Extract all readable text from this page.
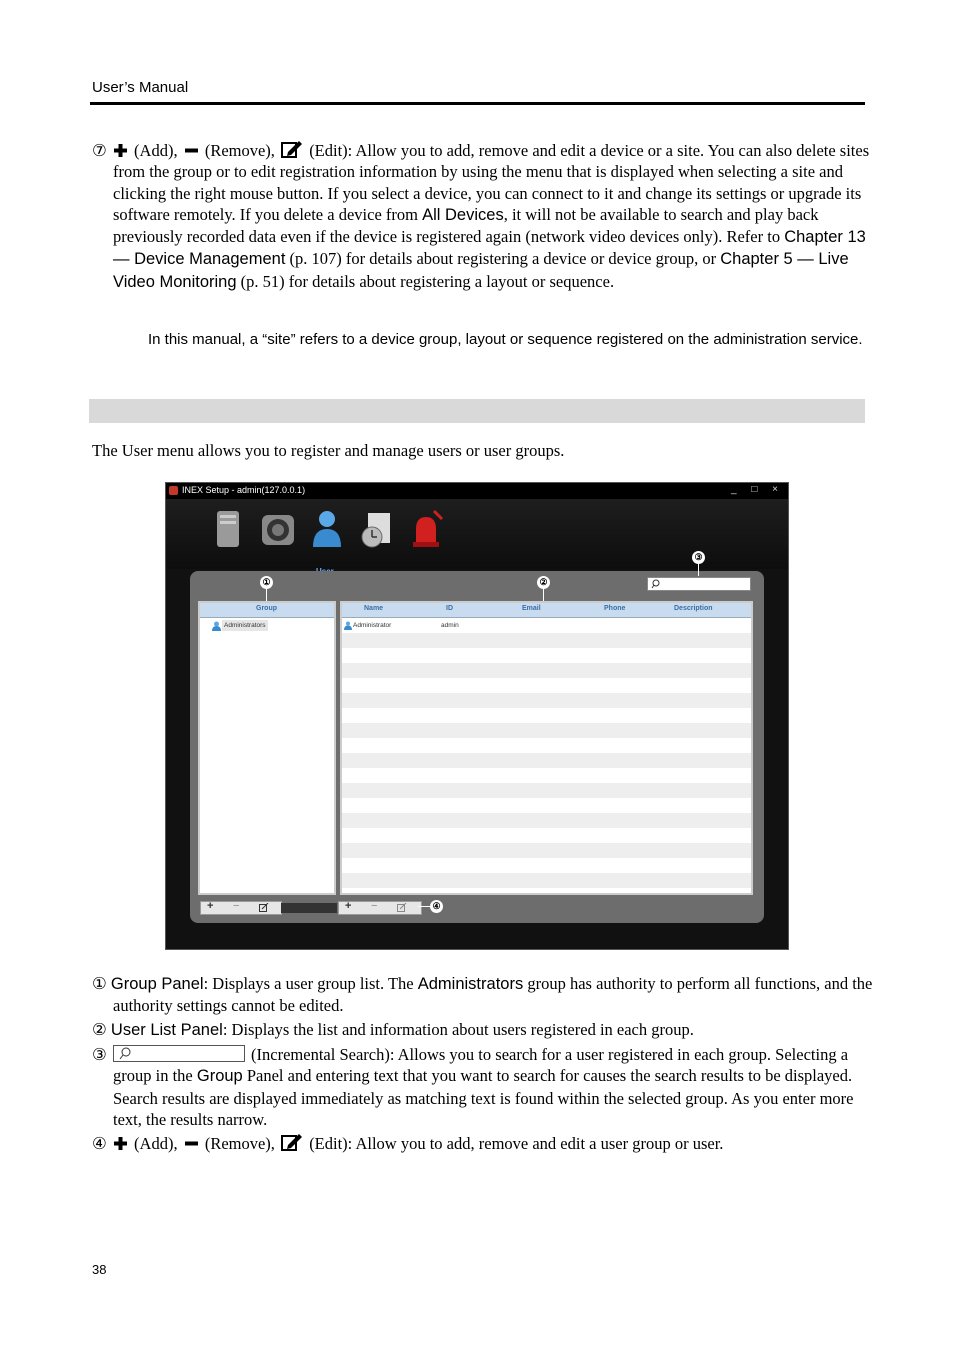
User’s Manual
⑦ (Add), (Remove), (Edit): Allow you to add, remove and edit a device or a site. You can also delete sites from the group or to edit registration information by using the menu that is displayed when selecting a site and clicking the right mouse button. If you select a device, you can connect to it and change its settings or upgrade its software remotely. If you delete a device from All Devices, it will not be available to search and play back previously recorded data even if the device is registered again (network video devices only). Refer to Chapter 13 — Device Management (p. 107) for details about registering a device or device group, or Chapter 5 — Live Video Monitoring (p. 51) for details about registering a layout or sequence.
In this manual, a “site” refers to a device group, layout or sequence registered on the administration service.
The User menu allows you to register and manage users or user groups.
INEX Setup - admin(127.0.0.1)	_ □ ×
Group
Administrators
Name	ID	Email	Phone	Description
Administrator	admin
+ −	+ −
①	②
③
④
① Group Panel: Displays a user group list. The Administrators group has authority to perform all functions, and the authority settings cannot be edited.
② User List Panel: Displays the list and information about users registered in each group.
③	(Incremental Search): Allows you to search for a user registered in each group. Selecting a group in the Group Panel and entering text that you want to search for causes the search results to be displayed. Search results are displayed immediately as matching text is found within the selected group. As you enter more text, the results narrow.
④ (Add), (Remove), (Edit): Allow you to add, remove and edit a user group or user.
38
